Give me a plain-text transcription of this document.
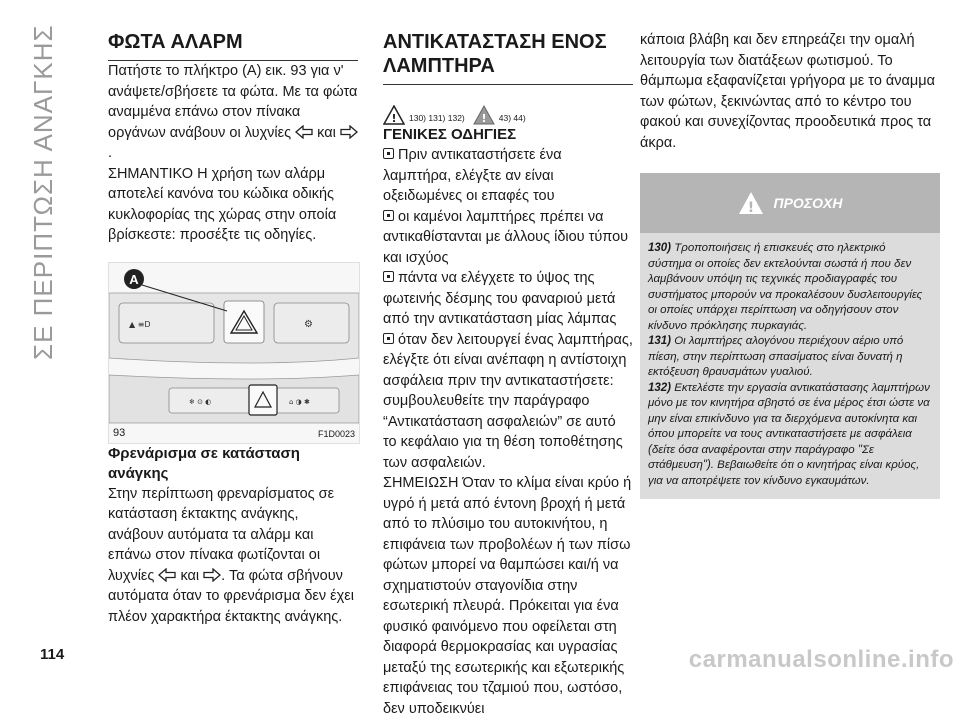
ΣΕ ΠΕΡΙΠΤΩΣΗ ΑΝΑΓΚΗΣ	ΦΩΤΑ ΑΛΑΡΜ

Πατήστε το πλήκτρο (A) εικ. 93 για ν' ανάψετε/σβήσετε τα φώτα. Με τα φώτα αναμμένα επάνω στον πίνακα οργάνων ανάβουν οι λυχνίες και .

ΣΗΜΑΝΤΙΚΟ Η χρήση των αλάρμ αποτελεί κανόνα του κώδικα οδικής κυκλοφορίας της χώρας στην οποία βρίσκεστε: προσέξτε τις οδηγίες.

▲ ≡D	⚙
A
❄ ⊙ ◐	⌂ ◑ ✱
93	F1D0023
Φρενάρισμα σε κατάσταση ανάγκης

Στην περίπτωση φρεναρίσματος σε κατάσταση έκτακτης ανάγκης, ανάβουν αυτόματα τα αλάρμ και επάνω στον πίνακα φωτίζονται οι λυχνίες και . Τα φώτα σβήνουν αυτόματα όταν το φρενάρισμα δεν έχει πλέον χαρακτήρα έκτακτης ανάγκης.

ΑΝΤΙΚΑΤΑΣΤΑΣΗ ΕΝΟΣ ΛΑΜΠΤΗΡΑ
! 130) 131) 132) ! 43) 44)
ΓΕΝΙΚΕΣ ΟΔΗΓΙΕΣ

Πριν αντικαταστήσετε ένα λαμπτήρα, ελέγξτε αν είναι οξειδωμένες οι επαφές του

οι καμένοι λαμπτήρες πρέπει να αντικαθίστανται με άλλους ίδιου τύπου και ισχύος

πάντα να ελέγχετε το ύψος της φωτεινής δέσμης του φαναριού μετά από την αντικατάσταση μίας λάμπας

όταν δεν λειτουργεί ένας λαμπτήρας, ελέγξτε ότι είναι ανέπαφη η αντίστοιχη ασφάλεια πριν την αντικαταστήσετε: συμβουλευθείτε την παράγραφο “Αντικατάσταση ασφαλειών” σε αυτό το κεφάλαιο για τη θέση τοποθέτησης των ασφαλειών.

ΣΗΜΕΙΩΣΗ Όταν το κλίμα είναι κρύο ή υγρό ή μετά από έντονη βροχή ή μετά από το πλύσιμο του αυτοκινήτου, η επιφάνεια των προβολέων ή των πίσω φώτων μπορεί να θαμπώσει και/ή να σχηματιστούν σταγονίδια στην εσωτερική πλευρά. Πρόκειται για ένα φυσικό φαινόμενο που οφείλεται στη διαφορά θερμοκρασίας και υγρασίας μεταξύ της εσωτερικής και εξωτερικής επιφάνειας του τζαμιού που, ωστόσο, δεν υποδεικνύει

κάποια βλάβη και δεν επηρεάζει την ομαλή λειτουργία των διατάξεων φωτισμού. Το θάμπωμα εξαφανίζεται γρήγορα με το άναμμα των φώτων, ξεκινώντας από το κέντρο του φακού και συνεχίζοντας προοδευτικά προς τα άκρα.

! ΠΡΟΣΟΧΗ

130) Τροποποιήσεις ή επισκευές στο ηλεκτρικό σύστημα οι οποίες δεν εκτελούνται σωστά ή που δεν λαμβάνουν υπόψη τις τεχνικές προδιαγραφές του συστήματος μπορούν να προκαλέσουν δυσλειτουργίες οι οποίες υπάρχει περίπτωση να οδηγήσουν στον κίνδυνο πρόκλησης πυρκαγιάς.

131) Οι λαμπτήρες αλογόνου περιέχουν αέριο υπό πίεση, στην περίπτωση σπασίματος είναι δυνατή η εκτόξευση θραυσμάτων γυαλιού.

132) Εκτελέστε την εργασία αντικατάστασης λαμπτήρων μόνο με τον κινητήρα σβηστό σε ένα μέρος έτσι ώστε να μην είναι επικίνδυνο για τα διερχόμενα αυτοκίνητα και όπου μπορείτε να τους αντικαταστήσετε με ασφάλεια (δείτε όσα αναφέρονται στην παράγραφο "Σε στάθμευση"). Βεβαιωθείτε ότι ο κινητήρας είναι κρύος, για να αποτρέψετε τον κίνδυνο εγκαυμάτων.

114	carmanualsonline.info
